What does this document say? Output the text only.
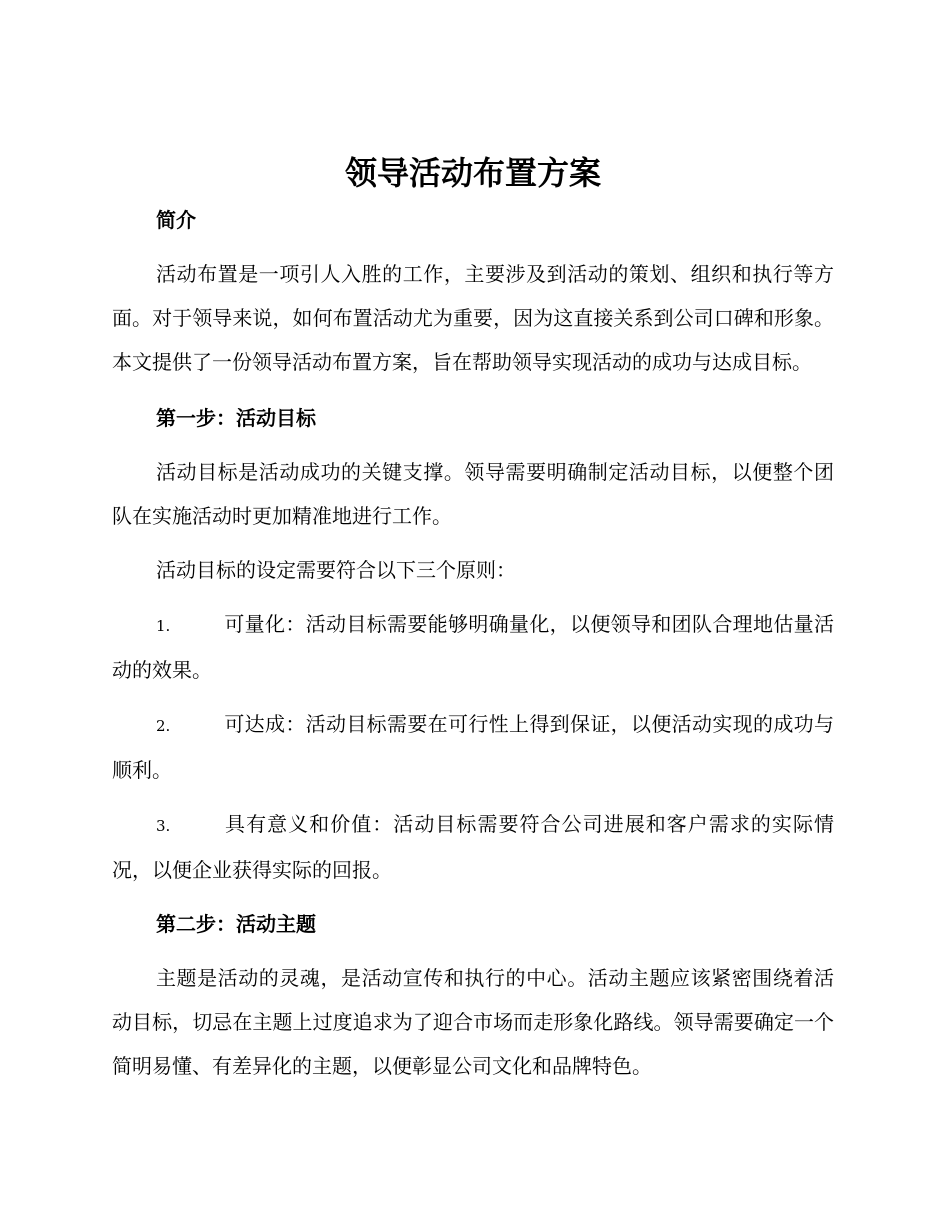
领导活动布置方案
简介

活动布置是一项引人入胜的工作，主要涉及到活动的策划、组织和执行等方面。对于领导来说，如何布置活动尤为重要，因为这直接关系到公司口碑和形象。本文提供了一份领导活动布置方案，旨在帮助领导实现活动的成功与达成目标。

第一步：活动目标

活动目标是活动成功的关键支撑。领导需要明确制定活动目标，以便整个团队在实施活动时更加精准地进行工作。

活动目标的设定需要符合以下三个原则：

1.	可量化：活动目标需要能够明确量化，以便领导和团队合理地估量活动的效果。

2.	可达成：活动目标需要在可行性上得到保证，以便活动实现的成功与顺利。

3.	具有意义和价值：活动目标需要符合公司进展和客户需求的实际情况，以便企业获得实际的回报。

第二步：活动主题

主题是活动的灵魂，是活动宣传和执行的中心。活动主题应该紧密围绕着活动目标，切忌在主题上过度追求为了迎合市场而走形象化路线。领导需要确定一个简明易懂、有差异化的主题，以便彰显公司文化和品牌特色。
